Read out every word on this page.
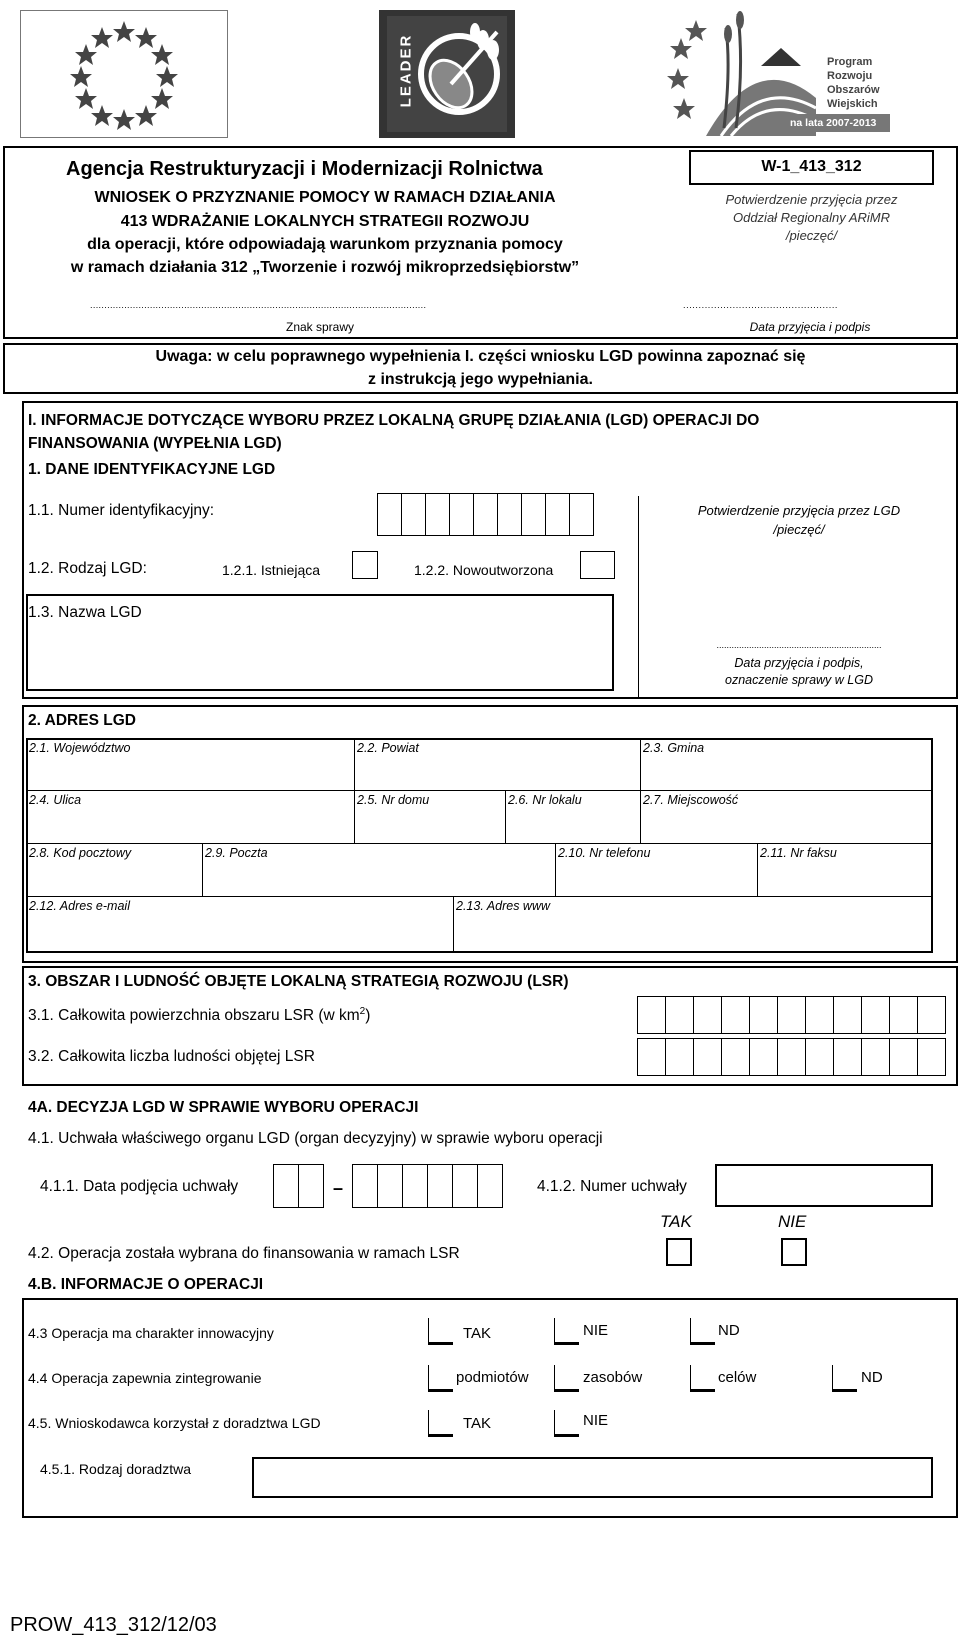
LEADER	Program
Rozwoju
Obszarów
Wiejskich
na lata 2007-2013
Agencja Restrukturyzacji i Modernizacji Rolnictwa
WNIOSEK O PRZYZNANIE POMOCY W RAMACH DZIAŁANIA
413 WDRAŻANIE LOKALNYCH STRATEGII ROZWOJU
dla operacji, które odpowiadają warunkom przyznania pomocy
w ramach działania 312 „Tworzenie i rozwój mikroprzedsiębiorstw”
W-1_413_312
Potwierdzenie przyjęcia przez
Oddział Regionalny ARiMR
/pieczęć/
......................................................................................................................
Znak sprawy
..................................................
Data przyjęcia i podpis
Uwaga: w celu poprawnego wypełnienia I. części wniosku LGD powinna zapoznać się
z instrukcją jego wypełniania.
I. INFORMACJE DOTYCZĄCE WYBORU PRZEZ LOKALNĄ GRUPĘ DZIAŁANIA (LGD) OPERACJI DO
FINANSOWANIA (WYPEŁNIA LGD)
1. DANE IDENTYFIKACYJNE LGD
1.1. Numer identyfikacyjny:	Potwierdzenie przyjęcia przez LGD
/pieczęć/
1.2. Rodzaj LGD:	1.2.1. Istniejąca	1.2.2. Nowoutworzona
1.3. Nazwa LGD
..................................................................
Data przyjęcia i podpis,
oznaczenie sprawy w LGD
2. ADRES LGD
2.1. Województwo	2.2. Powiat	2.3. Gmina
2.4. Ulica	2.5. Nr domu	2.6. Nr lokalu	2.7. Miejscowość
2.8. Kod pocztowy	2.9. Poczta	2.10. Nr telefonu	2.11. Nr faksu
2.12. Adres e-mail	2.13. Adres www
3. OBSZAR I LUDNOŚĆ OBJĘTE LOKALNĄ STRATEGIĄ ROZWOJU (LSR)
3.1. Całkowita powierzchnia obszaru LSR (w $km^2$)
3.2. Całkowita liczba ludności objętej LSR
4A. DECYZJA LGD W SPRAWIE WYBORU OPERACJI
4.1. Uchwała właściwego organu LGD (organ decyzyjny) w sprawie wyboru operacji
4.1.1. Data podjęcia uchwały	–	4.1.2. Numer uchwały
TAK	NIE
4.2. Operacja została wybrana do finansowania w ramach LSR
4.B. INFORMACJE O OPERACJI
4.3 Operacja ma charakter innowacyjny	TAK	NIE	ND
4.4 Operacja zapewnia zintegrowanie	podmiotów	zasobów	celów	ND
4.5. Wnioskodawca korzystał z doradztwa LGD	TAK	NIE
4.5.1. Rodzaj doradztwa
PROW_413_312/12/03
